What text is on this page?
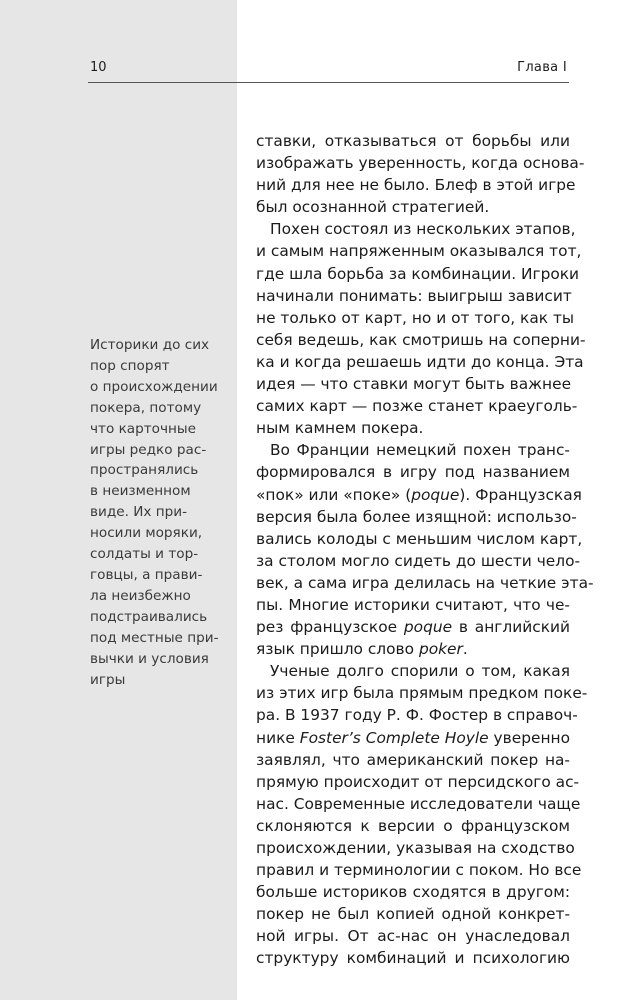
10	Глава I
Историки до сих
пор спорят
о происхождении
покера, потому
что карточные
игры редко рас-
пространялись
в неизменном
виде. Их при-
носили моряки,
солдаты и тор-
говцы, а прави-
ла неизбежно
подстраивались
под местные при-
вычки и условия
игры
ставки, отказываться от борьбы или
изображать уверенность, когда основа-
ний для нее не было. Блеф в этой игре
был осознанной стратегией.
Похен состоял из нескольких этапов,
и самым напряженным оказывался тот,
где шла борьба за комбинации. Игроки
начинали понимать: выигрыш зависит
не только от карт, но и от того, как ты
себя ведешь, как смотришь на соперни-
ка и когда решаешь идти до конца. Эта
идея — что ставки могут быть важнее
самих карт — позже станет краеуголь-
ным камнем покера.
Во Франции немецкий похен транс-
формировался в игру под названием
«пок» или «поке» (poque). Французская
версия была более изящной: использо-
вались колоды с меньшим числом карт,
за столом могло сидеть до шести чело-
век, а сама игра делилась на четкие эта-
пы. Многие историки считают, что че-
рез французское poque в английский
язык пришло слово poker.
Ученые долго спорили о том, какая
из этих игр была прямым предком поке-
ра. В 1937 году Р. Ф. Фостер в справоч-
нике Foster’s Complete Hoyle уверенно
заявлял, что американский покер на-
прямую происходит от персидского ас-
нас. Современные исследователи чаще
склоняются к версии о французском
происхождении, указывая на сходство
правил и терминологии с поком. Но все
больше историков сходятся в другом:
покер не был копией одной конкрет-
ной игры. От ас-нас он унаследовал
структуру комбинаций и психологию
